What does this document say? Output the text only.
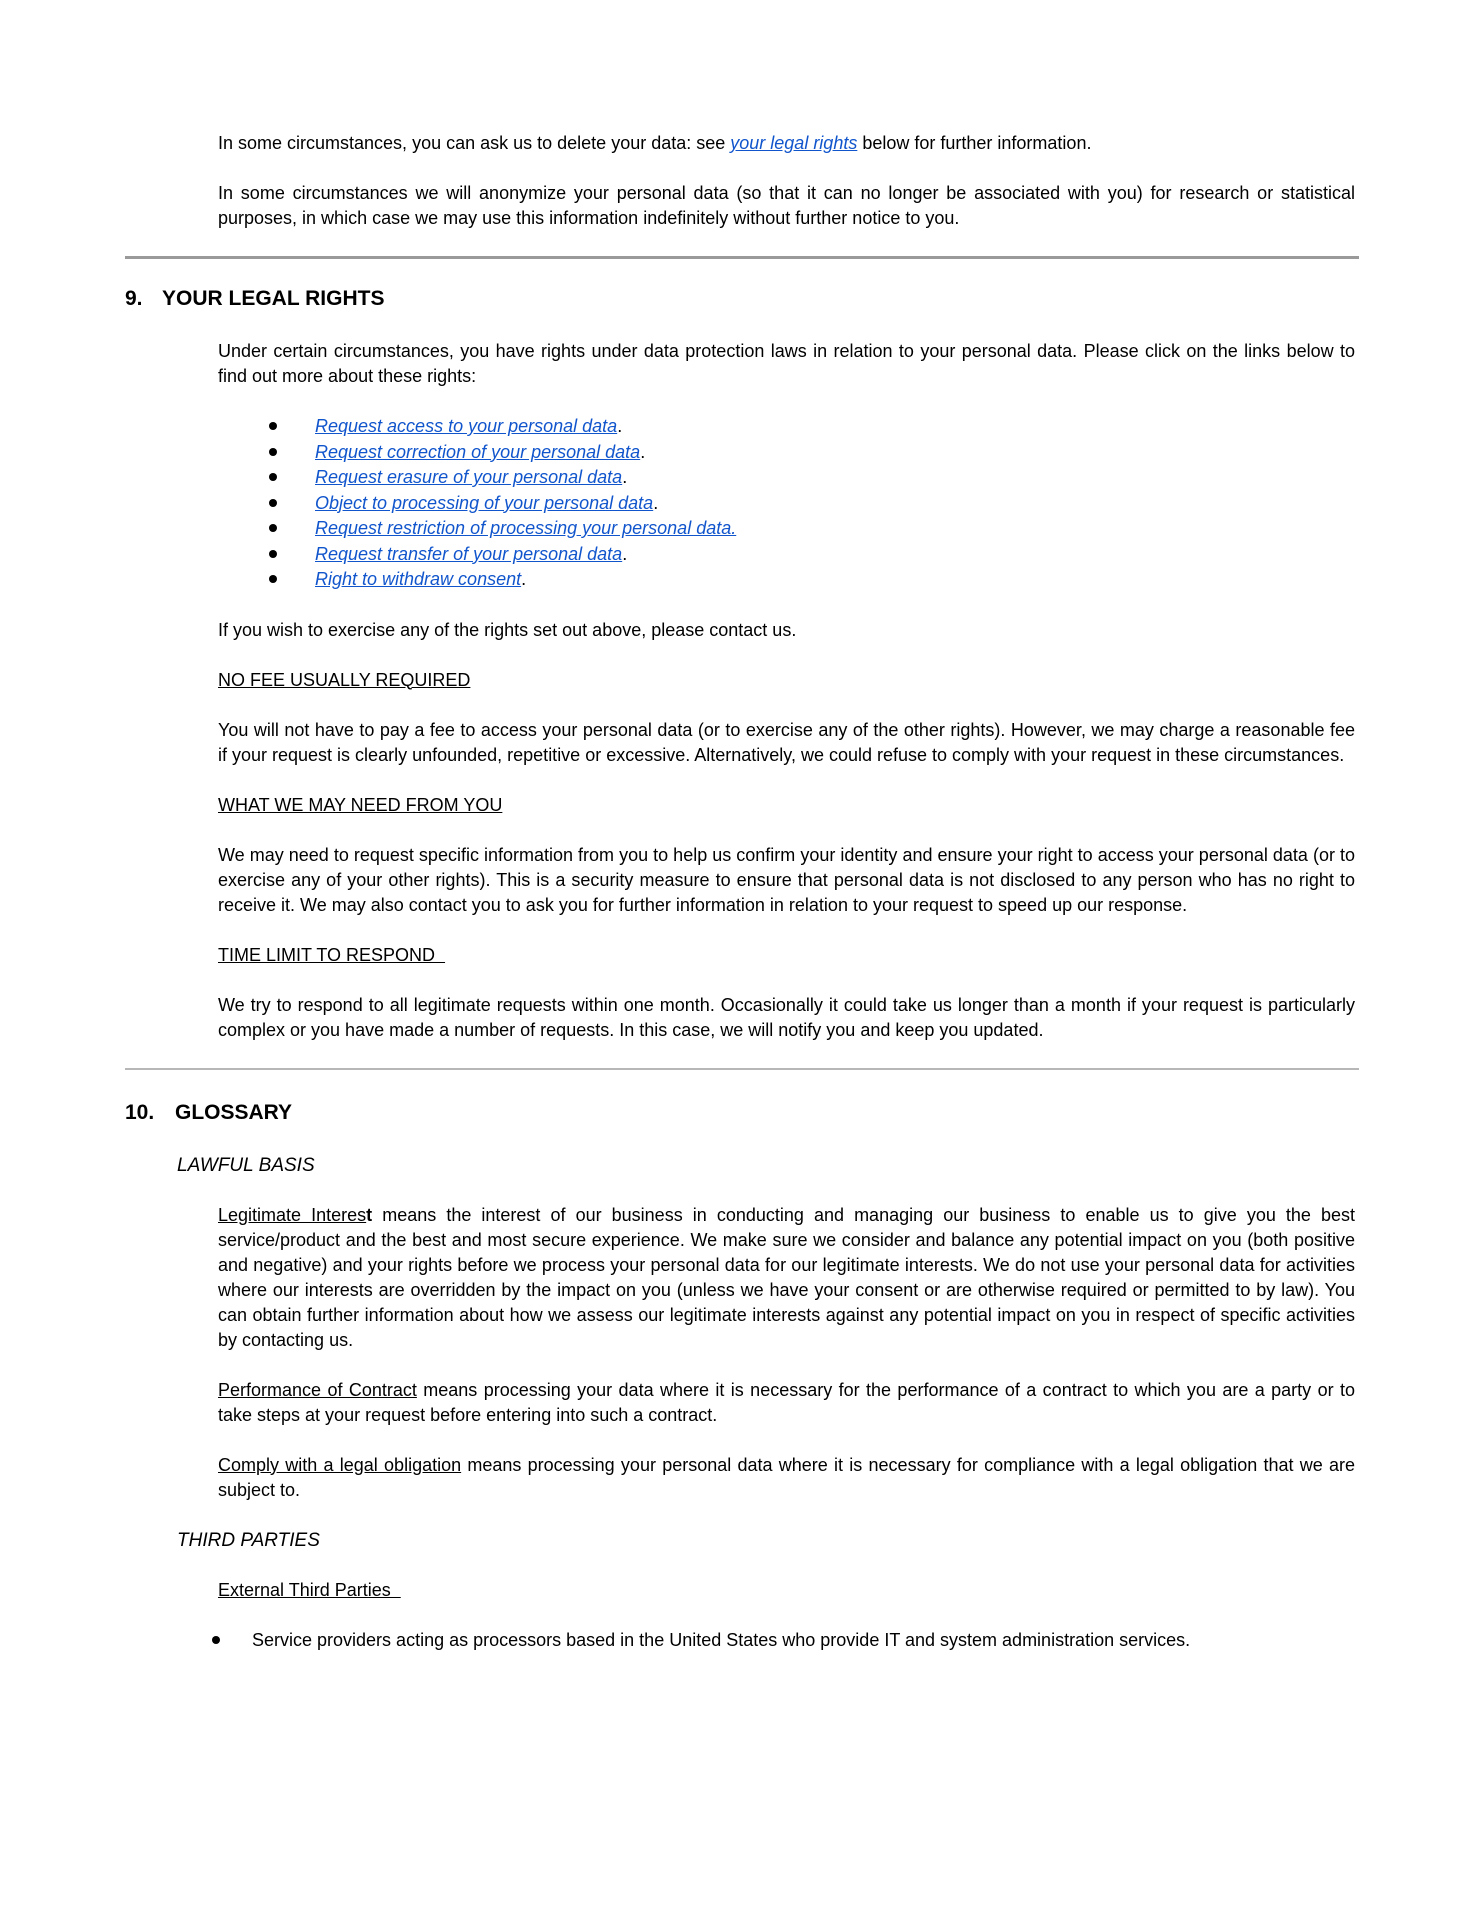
In some circumstances, you can ask us to delete your data: see your legal rights below for further information.

In some circumstances we will anonymize your personal data (so that it can no longer be associated with you) for research or statistical purposes, in which case we may use this information indefinitely without further notice to you.

9. YOUR LEGAL RIGHTS

Under certain circumstances, you have rights under data protection laws in relation to your personal data. Please click on the links below to find out more about these rights:

Request access to your personal data.
Request correction of your personal data.
Request erasure of your personal data.
Object to processing of your personal data.
Request restriction of processing your personal data.
Request transfer of your personal data.
Right to withdraw consent.

If you wish to exercise any of the rights set out above, please contact us.

NO FEE USUALLY REQUIRED

You will not have to pay a fee to access your personal data (or to exercise any of the other rights). However, we may charge a reasonable fee if your request is clearly unfounded, repetitive or excessive. Alternatively, we could refuse to comply with your request in these circumstances.

WHAT WE MAY NEED FROM YOU

We may need to request specific information from you to help us confirm your identity and ensure your right to access your personal data (or to exercise any of your other rights). This is a security measure to ensure that personal data is not disclosed to any person who has no right to receive it. We may also contact you to ask you for further information in relation to your request to speed up our response.

TIME LIMIT TO RESPOND

We try to respond to all legitimate requests within one month. Occasionally it could take us longer than a month if your request is particularly complex or you have made a number of requests. In this case, we will notify you and keep you updated.

10. GLOSSARY
LAWFUL BASIS

Legitimate Interest means the interest of our business in conducting and managing our business to enable us to give you the best service/product and the best and most secure experience. We make sure we consider and balance any potential impact on you (both positive and negative) and your rights before we process your personal data for our legitimate interests. We do not use your personal data for activities where our interests are overridden by the impact on you (unless we have your consent or are otherwise required or permitted to by law). You can obtain further information about how we assess our legitimate interests against any potential impact on you in respect of specific activities by contacting us.

Performance of Contract means processing your data where it is necessary for the performance of a contract to which you are a party or to take steps at your request before entering into such a contract.

Comply with a legal obligation means processing your personal data where it is necessary for compliance with a legal obligation that we are subject to.

THIRD PARTIES

External Third Parties

Service providers acting as processors based in the United States who provide IT and system administration services.
